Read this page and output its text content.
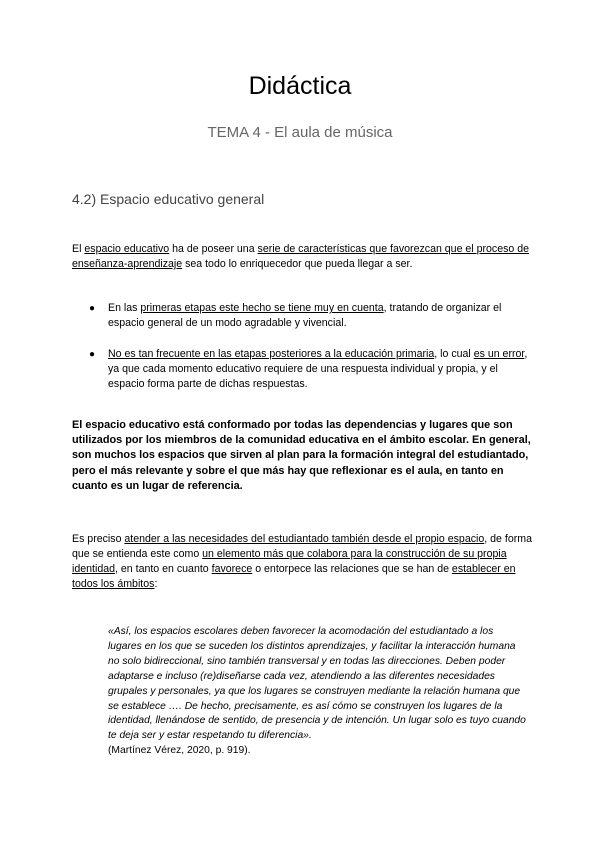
Didáctica
TEMA 4 - El aula de música
4.2) Espacio educativo general

El espacio educativo ha de poseer una serie de características que favorezcan que el proceso de enseñanza-aprendizaje sea todo lo enriquecedor que pueda llegar a ser.

● En las primeras etapas este hecho se tiene muy en cuenta, tratando de organizar el espacio general de un modo agradable y vivencial.
● No es tan frecuente en las etapas posteriores a la educación primaria, lo cual es un error, ya que cada momento educativo requiere de una respuesta individual y propia, y el espacio forma parte de dichas respuestas.

El espacio educativo está conformado por todas las dependencias y lugares que son utilizados por los miembros de la comunidad educativa en el ámbito escolar. En general, son muchos los espacios que sirven al plan para la formación integral del estudiantado, pero el más relevante y sobre el que más hay que reflexionar es el aula, en tanto en cuanto es un lugar de referencia.

Es preciso atender a las necesidades del estudiantado también desde el propio espacio, de forma que se entienda este como un elemento más que colabora para la construcción de su propia identidad, en tanto en cuanto favorece o entorpece las relaciones que se han de establecer en todos los ámbitos:

«Así, los espacios escolares deben favorecer la acomodación del estudiantado a los lugares en los que se suceden los distintos aprendizajes, y facilitar la interacción humana no solo bidireccional, sino también transversal y en todas las direcciones. Deben poder adaptarse e incluso (re)diseñarse cada vez, atendiendo a las diferentes necesidades grupales y personales, ya que los lugares se construyen mediante la relación humana que se establece …. De hecho, precisamente, es así cómo se construyen los lugares de la identidad, llenándose de sentido, de presencia y de intención. Un lugar solo es tuyo cuando te deja ser y estar respetando tu diferencia».
(Martínez Vérez, 2020, p. 919).
